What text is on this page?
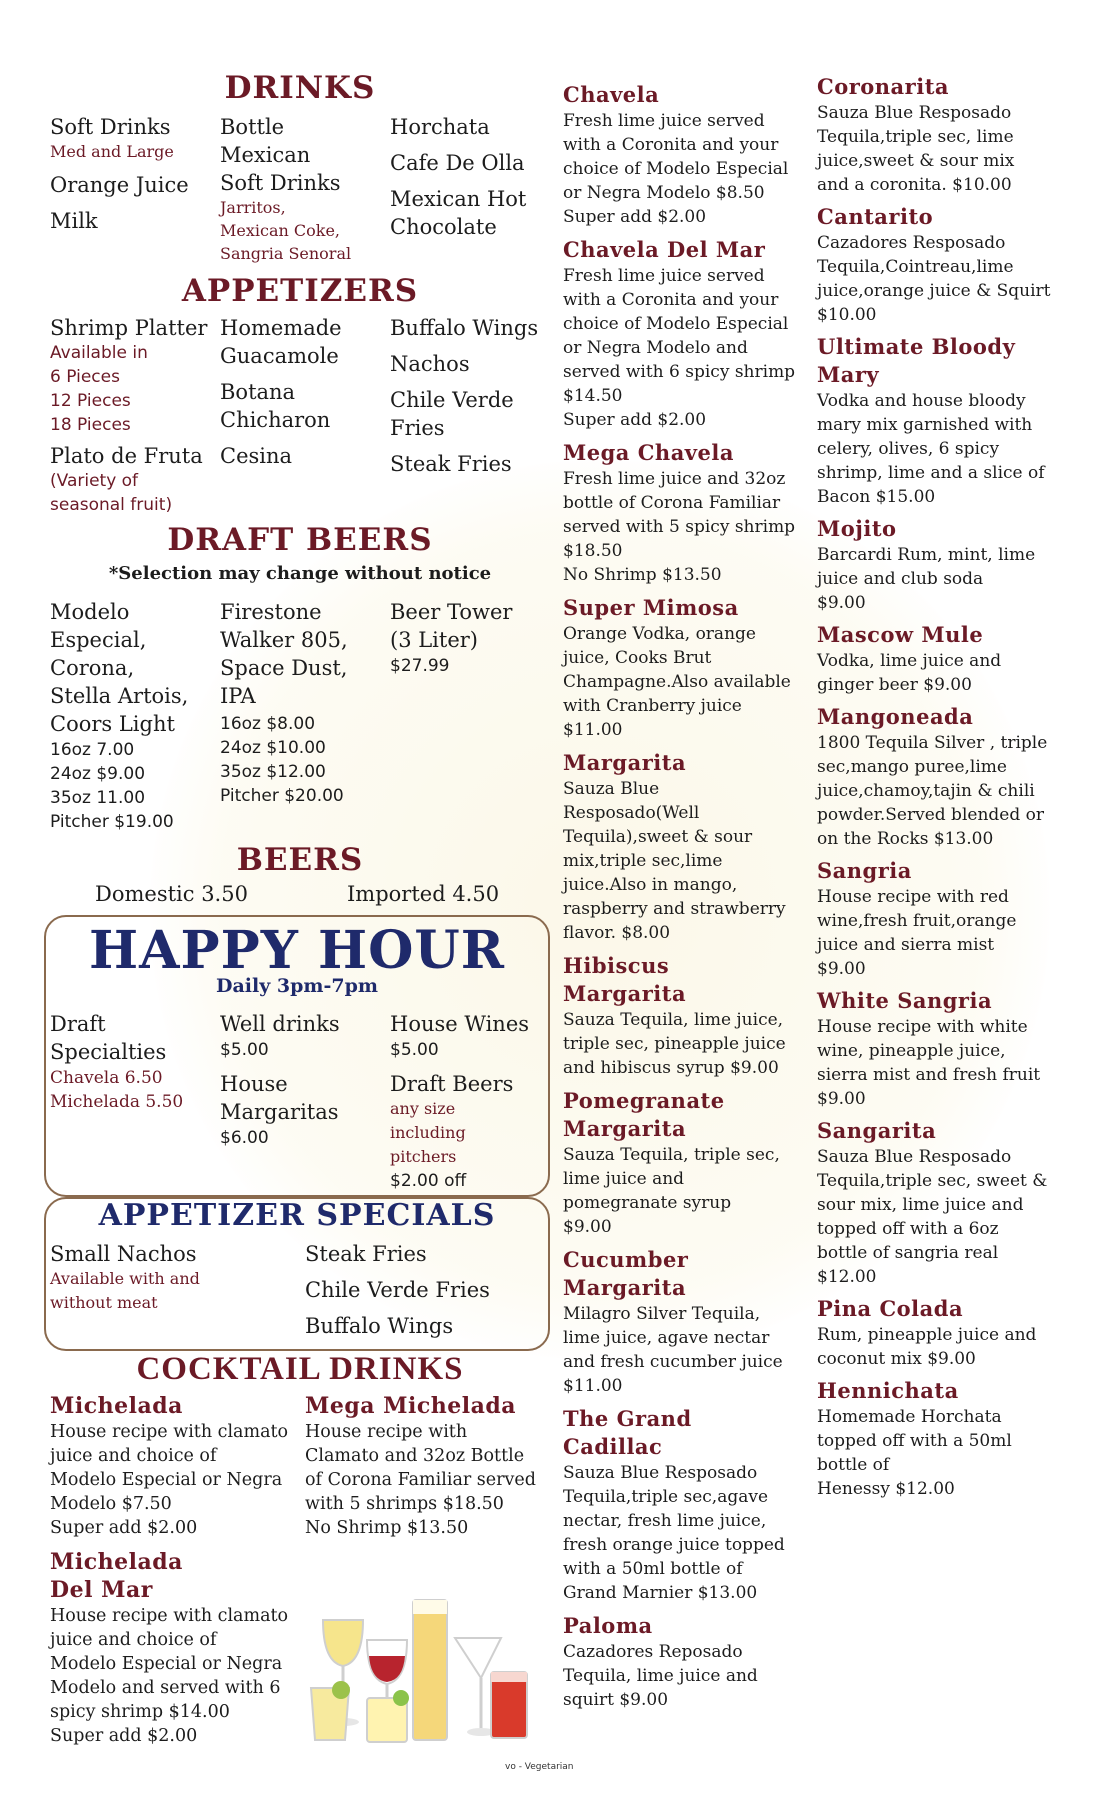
DRINKS
Soft Drinks
Med and Large
Orange Juice
Milk
Bottle
Mexican
Soft Drinks
Jarritos,
Mexican Coke,
Sangria Senoral
Horchata
Cafe De Olla
Mexican Hot
Chocolate
APPETIZERS
Shrimp Platter
Available in
6 Pieces
12 Pieces
18 Pieces
Plato de Fruta
(Variety of
seasonal fruit)
Homemade
Guacamole
Botana
Chicharon
Cesina
Buffalo Wings
Nachos
Chile Verde
Fries
Steak Fries
DRAFT BEERS
*Selection may change without notice
Modelo
Especial,
Corona,
Stella Artois,
Coors Light
16oz 7.00
24oz $9.00
35oz 11.00
Pitcher $19.00
Firestone
Walker 805,
Space Dust,
IPA
16oz $8.00
24oz $10.00
35oz $12.00
Pitcher $20.00
Beer Tower
(3 Liter)
$27.99
BEERS
Domestic 3.50	Imported 4.50
HAPPY HOUR
Daily 3pm-7pm
Draft
Specialties
Chavela 6.50
Michelada 5.50
Well drinks
$5.00
House
Margaritas
$6.00
House Wines
$5.00
Draft Beers
any size
including
pitchers
$2.00 off
APPETIZER SPECIALS
Small Nachos
Available with and
without meat
Steak Fries
Chile Verde Fries
Buffalo Wings
COCKTAIL DRINKS
Michelada
House recipe with clamato
juice and choice of
Modelo Especial or Negra
Modelo $7.50
Super add $2.00
Mega Michelada
House recipe with
Clamato and 32oz Bottle
of Corona Familiar served
with 5 shrimps $18.50
No Shrimp $13.50
Michelada
Del Mar
House recipe with clamato
juice and choice of
Modelo Especial or Negra
Modelo and served with 6
spicy shrimp $14.00
Super add $2.00
vo - Vegetarian
Chavela
Fresh lime juice served
with a Coronita and your
choice of Modelo Especial
or Negra Modelo $8.50
Super add $2.00
Chavela Del Mar
Fresh lime juice served
with a Coronita and your
choice of Modelo Especial
or Negra Modelo and
served with 6 spicy shrimp
$14.50
Super add $2.00
Mega Chavela
Fresh lime juice and 32oz
bottle of Corona Familiar
served with 5 spicy shrimp
$18.50
No Shrimp $13.50
Super Mimosa
Orange Vodka, orange
juice, Cooks Brut
Champagne.Also available
with Cranberry juice
$11.00
Margarita
Sauza Blue
Resposado(Well
Tequila),sweet & sour
mix,triple sec,lime
juice.Also in mango,
raspberry and strawberry
flavor. $8.00
Hibiscus
Margarita
Sauza Tequila, lime juice,
triple sec, pineapple juice
and hibiscus syrup $9.00
Pomegranate
Margarita
Sauza Tequila, triple sec,
lime juice and
pomegranate syrup
$9.00
Cucumber
Margarita
Milagro Silver Tequila,
lime juice, agave nectar
and fresh cucumber juice
$11.00
The Grand
Cadillac
Sauza Blue Resposado
Tequila,triple sec,agave
nectar, fresh lime juice,
fresh orange juice topped
with a 50ml bottle of
Grand Marnier $13.00
Paloma
Cazadores Reposado
Tequila, lime juice and
squirt $9.00
Coronarita
Sauza Blue Resposado
Tequila,triple sec, lime
juice,sweet & sour mix
and a coronita. $10.00
Cantarito
Cazadores Resposado
Tequila,Cointreau,lime
juice,orange juice & Squirt
$10.00
Ultimate Bloody
Mary
Vodka and house bloody
mary mix garnished with
celery, olives, 6 spicy
shrimp, lime and a slice of
Bacon $15.00
Mojito
Barcardi Rum, mint, lime
juice and club soda
$9.00
Mascow Mule
Vodka, lime juice and
ginger beer $9.00
Mangoneada
1800 Tequila Silver , triple
sec,mango puree,lime
juice,chamoy,tajin & chili
powder.Served blended or
on the Rocks $13.00
Sangria
House recipe with red
wine,fresh fruit,orange
juice and sierra mist
$9.00
White Sangria
House recipe with white
wine, pineapple juice,
sierra mist and fresh fruit
$9.00
Sangarita
Sauza Blue Resposado
Tequila,triple sec, sweet &
sour mix, lime juice and
topped off with a 6oz
bottle of sangria real
$12.00
Pina Colada
Rum, pineapple juice and
coconut mix $9.00
Hennichata
Homemade Horchata
topped off with a 50ml
bottle of
Henessy $12.00
